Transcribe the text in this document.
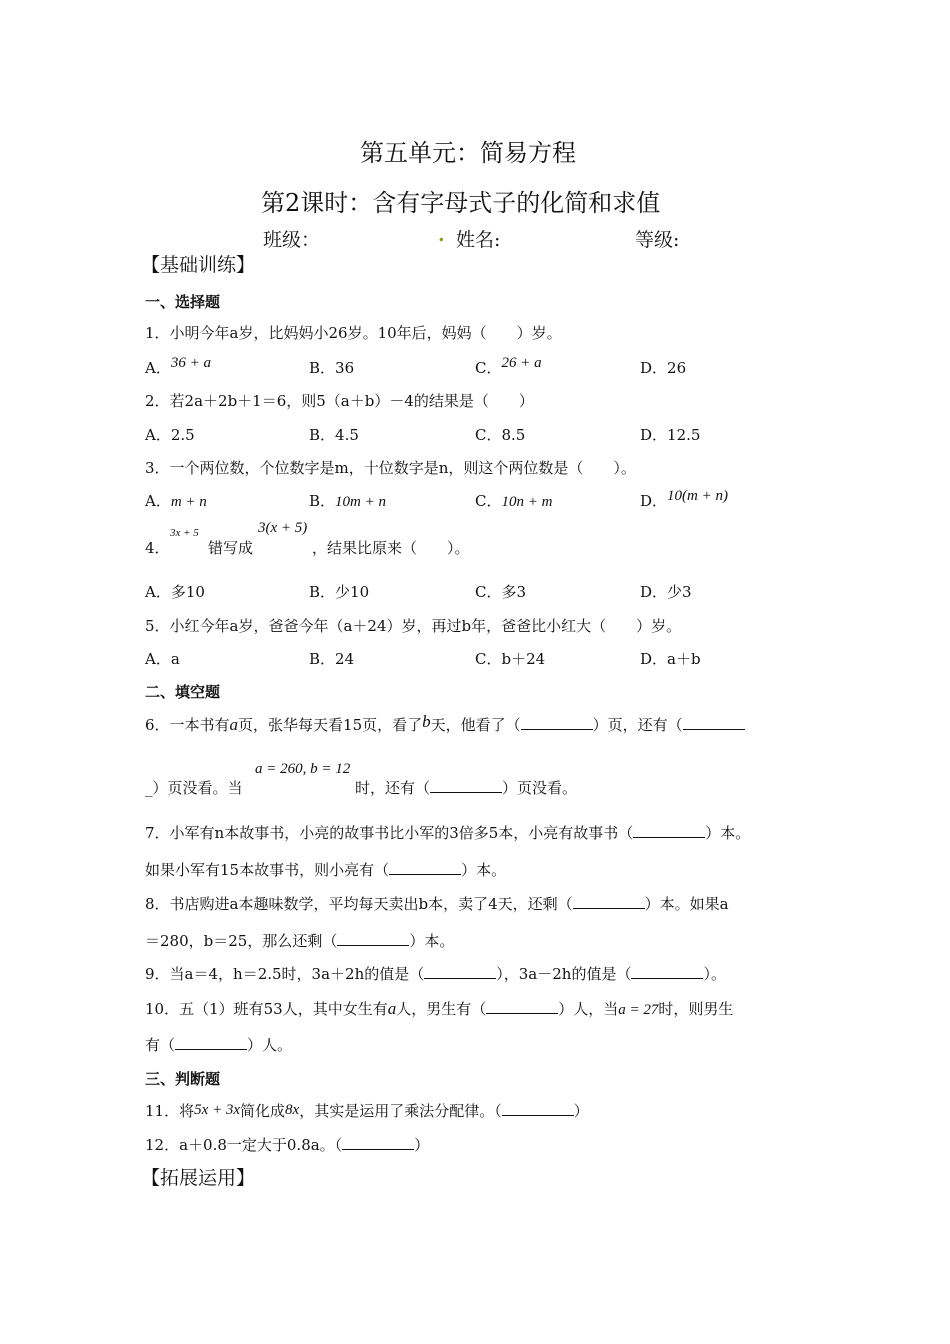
第五单元：简易方程
第2课时：含有字母式子的化简和求值
班级：	. 姓名:	等级:
【基础训练】
一、选择题
1．小明今年a岁，比妈妈小26岁。10年后，妈妈（　　）岁。
A．36 + a	B．36	C．26 + a	D．26
2．若2a＋2b＋1＝6，则5（a＋b）－4的结果是（　　）
A．2.5	B．4.5	C．8.5	D．12.5
3．一个两位数，个位数字是m，十位数字是n，则这个两位数是（　　）。
A．m + n	B．10m + n	C．10n + m	D．10(m + n)
4．
3x + 5
错写成
3(x + 5)
，结果比原来（　　）。
A．多10	B．少10	C．多3	D．少3
5．小红今年a岁，爸爸今年（a＋24）岁，再过b年，爸爸比小红大（　　）岁。
A．a	B．24	C．b＋24	D．a＋b
二、填空题
6．一本书有a页，张华每天看15页，看了b天，他看了（	）页，还有（
_）页没看。当
a = 260, b = 12
时，还有（	）页没看。
7．小军有n本故事书，小亮的故事书比小军的3倍多5本，小亮有故事书（	）本。
如果小军有15本故事书，则小亮有（	）本。
8．书店购进a本趣味数学，平均每天卖出b本，卖了4天，还剩（	）本。如果a
＝280，b＝25，那么还剩（	）本。
9．当a＝4，h＝2.5时，3a＋2h的值是（	），3a－2h的值是（	）。
10．五（1）班有53人，其中女生有a人，男生有（	）人，当a = 27时，则男生
有（	）人。
三、判断题
11．将5x + 3x简化成8x，其实是运用了乘法分配律。（	）
12．a＋0.8一定大于0.8a。（	）
【拓展运用】
